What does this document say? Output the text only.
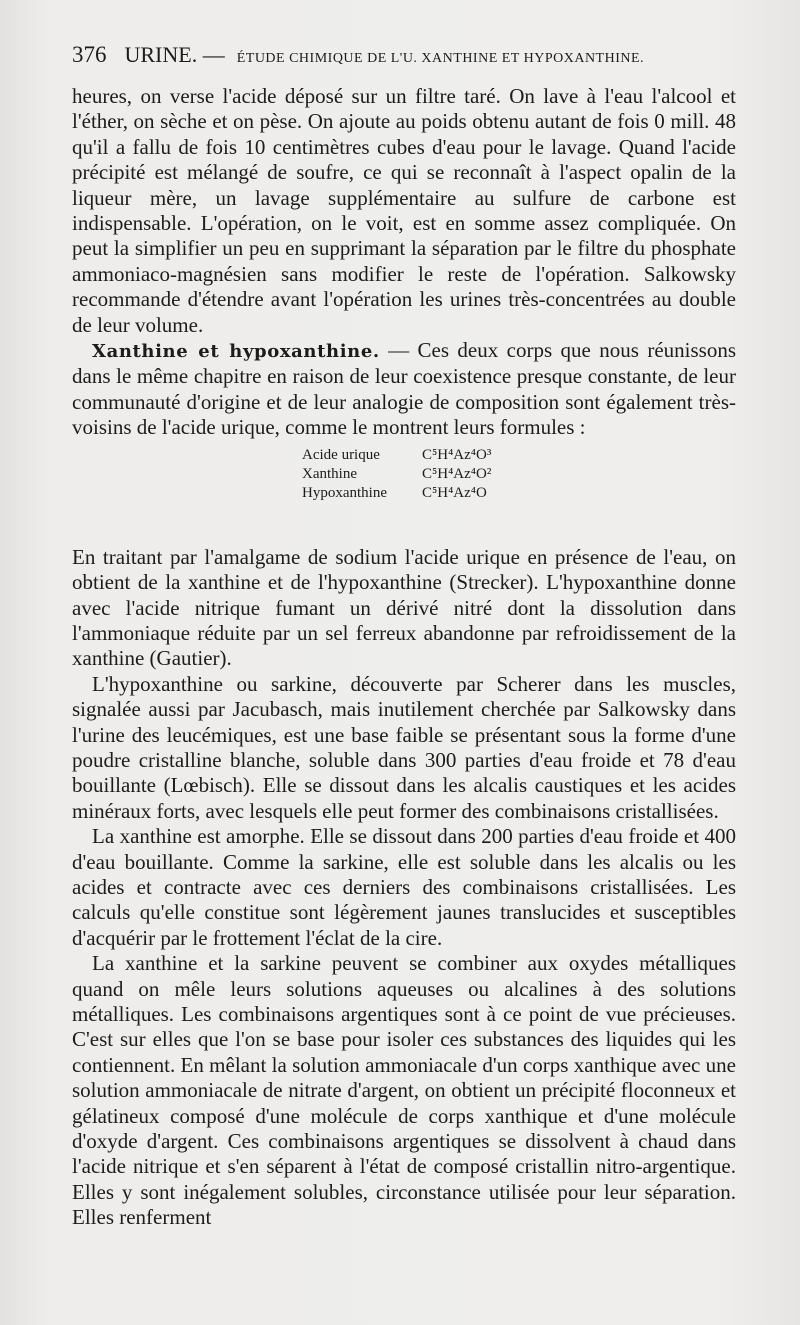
376 URINE. — ÉTUDE CHIMIQUE DE L'U. XANTHINE ET HYPOXANTHINE.

heures, on verse l'acide déposé sur un filtre taré. On lave à l'eau l'alcool et l'éther, on sèche et on pèse. On ajoute au poids obtenu autant de fois 0 mill. 48 qu'il a fallu de fois 10 centimètres cubes d'eau pour le lavage. Quand l'acide précipité est mélangé de soufre, ce qui se reconnaît à l'aspect opalin de la liqueur mère, un lavage supplémentaire au sulfure de carbone est indispensable. L'opération, on le voit, est en somme assez compliquée. On peut la simplifier un peu en supprimant la séparation par le filtre du phosphate ammoniaco-magnésien sans modifier le reste de l'opération. Salkowsky recommande d'étendre avant l'opération les urines très-concentrées au double de leur volume.

Xanthine et hypoxanthine. — Ces deux corps que nous réunissons dans le même chapitre en raison de leur coexistence presque constante, de leur communauté d'origine et de leur analogie de composition sont également très-voisins de l'acide urique, comme le montrent leurs formules :

Acide urique	C⁵H⁴Az⁴O³
Xanthine	C⁵H⁴Az⁴O²
Hypoxanthine	C⁵H⁴Az⁴O

En traitant par l'amalgame de sodium l'acide urique en présence de l'eau, on obtient de la xanthine et de l'hypoxanthine (Strecker). L'hypoxanthine donne avec l'acide nitrique fumant un dérivé nitré dont la dissolution dans l'ammoniaque réduite par un sel ferreux abandonne par refroidissement de la xanthine (Gautier).

L'hypoxanthine ou sarkine, découverte par Scherer dans les muscles, signalée aussi par Jacubasch, mais inutilement cherchée par Salkowsky dans l'urine des leucémiques, est une base faible se présentant sous la forme d'une poudre cristalline blanche, soluble dans 300 parties d'eau froide et 78 d'eau bouillante (Lœbisch). Elle se dissout dans les alcalis caustiques et les acides minéraux forts, avec lesquels elle peut former des combinaisons cristallisées.

La xanthine est amorphe. Elle se dissout dans 200 parties d'eau froide et 400 d'eau bouillante. Comme la sarkine, elle est soluble dans les alcalis ou les acides et contracte avec ces derniers des combinaisons cristallisées. Les calculs qu'elle constitue sont légèrement jaunes translucides et susceptibles d'acquérir par le frottement l'éclat de la cire.

La xanthine et la sarkine peuvent se combiner aux oxydes métalliques quand on mêle leurs solutions aqueuses ou alcalines à des solutions métalliques. Les combinaisons argentiques sont à ce point de vue précieuses. C'est sur elles que l'on se base pour isoler ces substances des liquides qui les contiennent. En mêlant la solution ammoniacale d'un corps xanthique avec une solution ammoniacale de nitrate d'argent, on obtient un précipité floconneux et gélatineux composé d'une molécule de corps xanthique et d'une molécule d'oxyde d'argent. Ces combinaisons argentiques se dissolvent à chaud dans l'acide nitrique et s'en séparent à l'état de composé cristallin nitro-argentique. Elles y sont inégalement solubles, circonstance utilisée pour leur séparation. Elles renferment
